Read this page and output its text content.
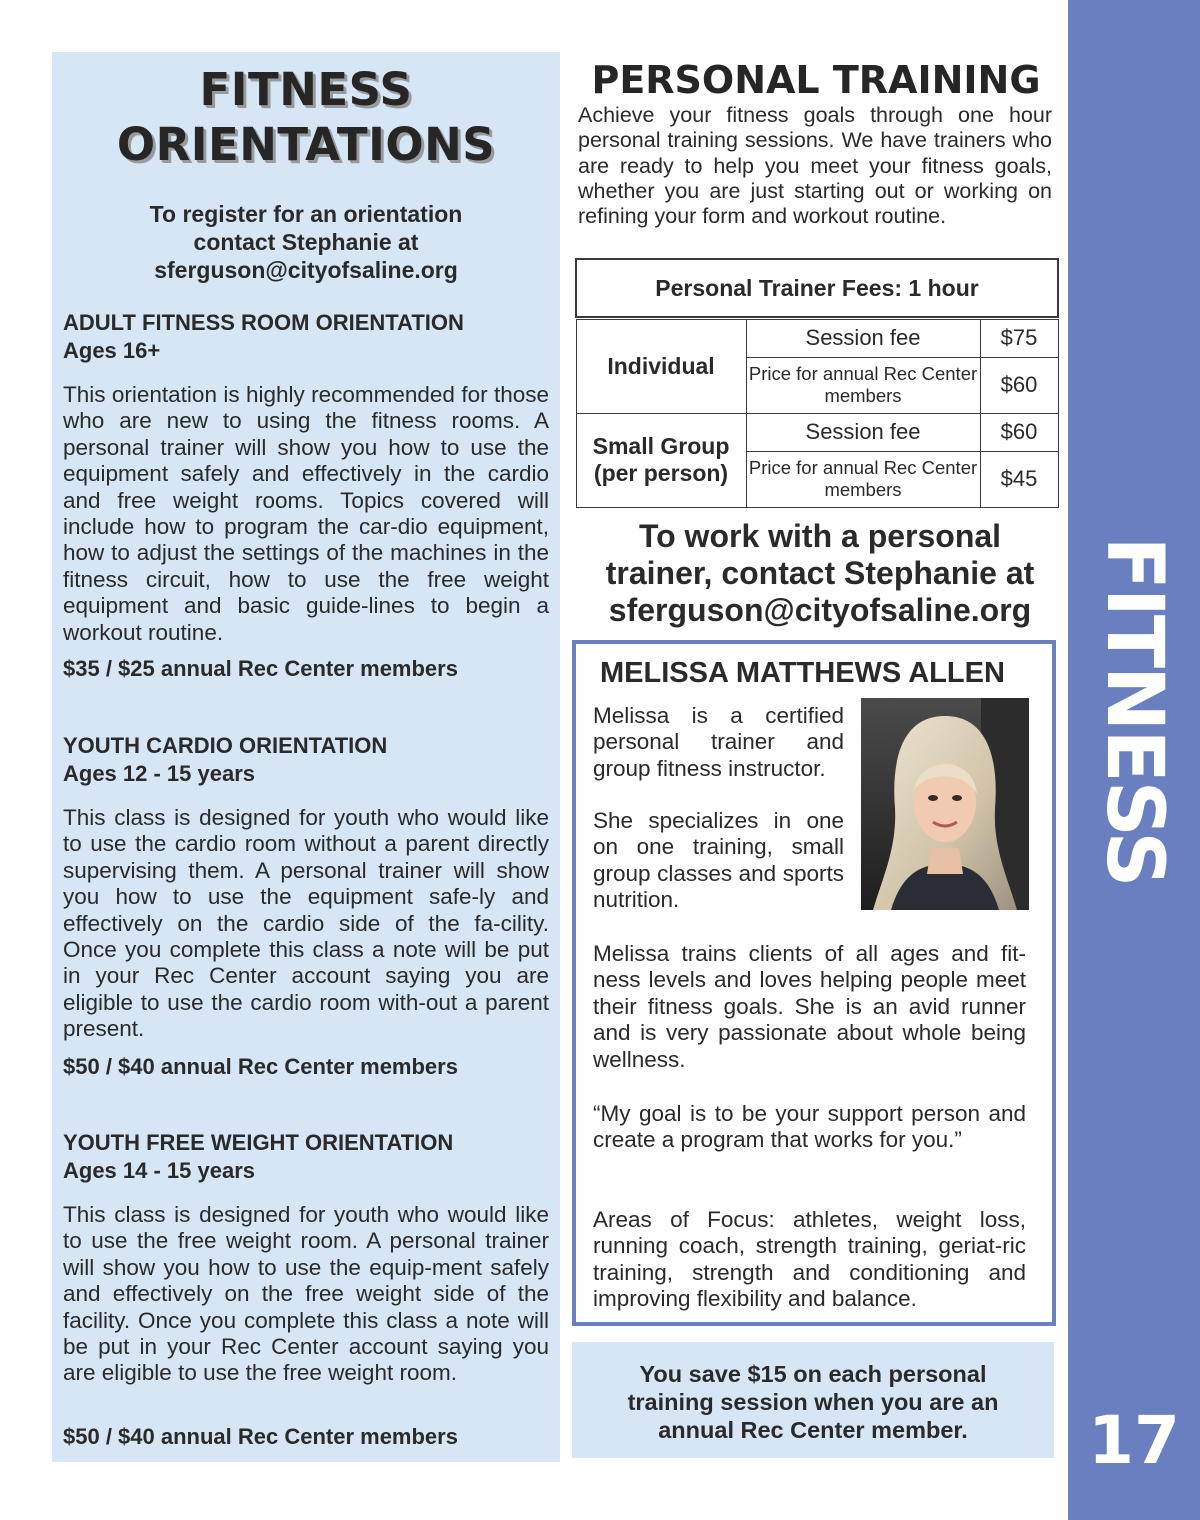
FITNESS
17
FITNESS
ORIENTATIONS
To register for an orientation
contact Stephanie at
sferguson@cityofsaline.org
ADULT FITNESS ROOM ORIENTATION
Ages 16+
This orientation is highly recommended for those who are new to using the fitness rooms. A personal trainer will show you how to use the equipment safely and effectively in the cardio and free weight rooms. Topics covered will include how to program the car-dio equipment, how to adjust the settings of the machines in the fitness circuit, how to use the free weight equipment and basic guide-lines to begin a workout routine.
$35 / $25 annual Rec Center members
YOUTH CARDIO ORIENTATION
Ages 12 - 15 years
This class is designed for youth who would like to use the cardio room without a parent directly supervising them. A personal trainer will show you how to use the equipment safe-ly and effectively on the cardio side of the fa-cility. Once you complete this class a note will be put in your Rec Center account saying you are eligible to use the cardio room with-out a parent present.
$50 / $40 annual Rec Center members
YOUTH FREE WEIGHT ORIENTATION
Ages 14 - 15 years
This class is designed for youth who would like to use the free weight room. A personal trainer will show you how to use the equip-ment safely and effectively on the free weight side of the facility. Once you complete this class a note will be put in your Rec Center account saying you are eligible to use the free weight room.
$50 / $40 annual Rec Center members
PERSONAL TRAINING
Achieve your fitness goals through one hour personal training sessions. We have trainers who are ready to help you meet your fitness goals, whether you are just starting out or working on refining your form and workout routine.
Personal Trainer Fees: 1 hour		

Individual	Session fee	$75
	Price for annual Rec Center members	$60

Small Group
(per person)	Session fee	$60
	Price for annual Rec Center members	$45
To work with a personal
trainer, contact Stephanie at
sferguson@cityofsaline.org
MELISSA MATTHEWS ALLEN
Melissa is a certified personal trainer and group fitness instructor.
She specializes in one on one training, small group classes and sports nutrition.
Melissa trains clients of all ages and fit-ness levels and loves helping people meet their fitness goals. She is an avid runner and is very passionate about whole being wellness.
“My goal is to be your support person and create a program that works for you.”
Areas of Focus: athletes, weight loss, running coach, strength training, geriat-ric training, strength and conditioning and improving flexibility and balance.
You save $15 on each personal
training session when you are an
annual Rec Center member.
